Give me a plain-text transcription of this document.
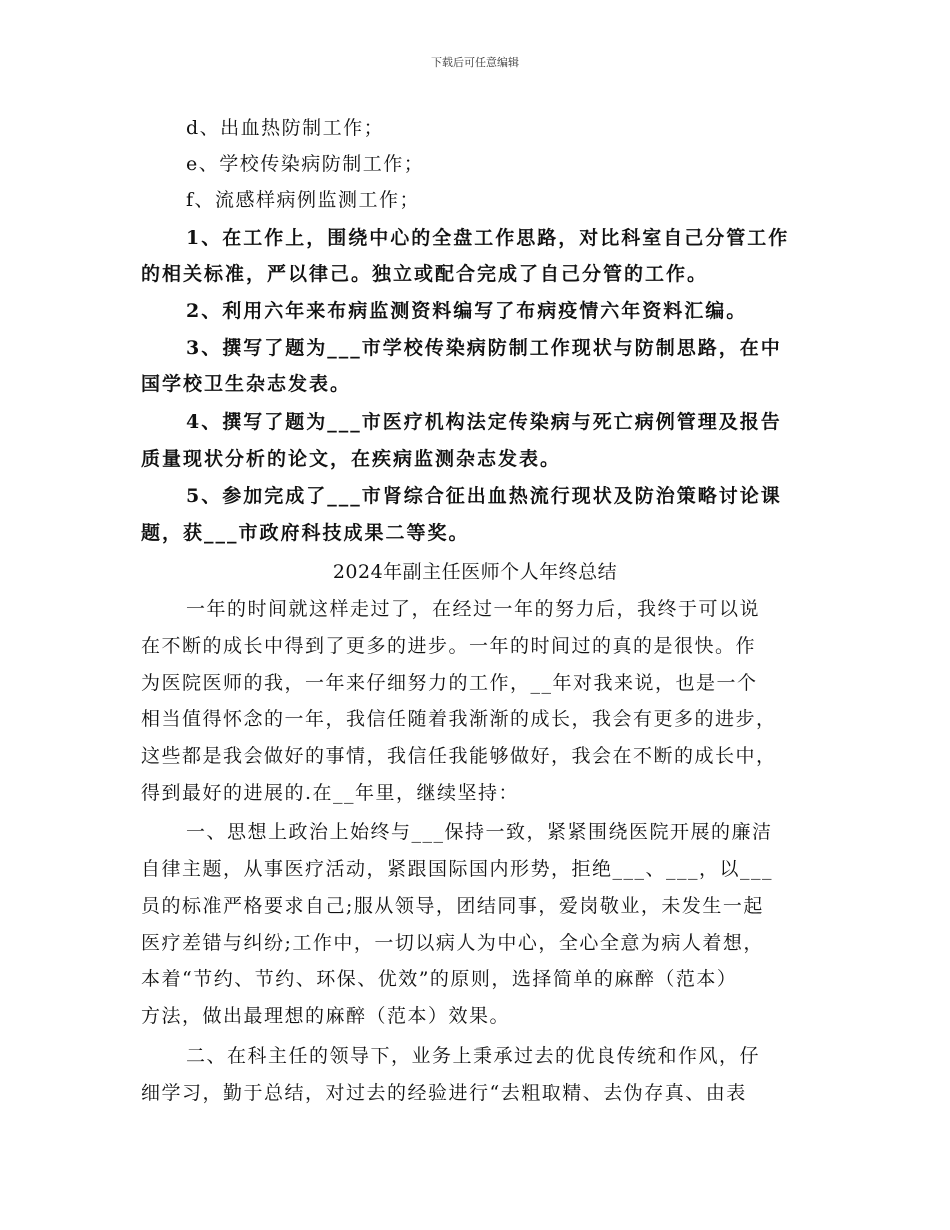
下载后可任意编辑
d、出血热防制工作；
e、学校传染病防制工作；
f、流感样病例监测工作；
1、在工作上，围绕中心的全盘工作思路，对比科室自己分管工作
的相关标准，严以律己。独立或配合完成了自己分管的工作。
2、利用六年来布病监测资料编写了布病疫情六年资料汇编。
3、撰写了题为___市学校传染病防制工作现状与防制思路，在中
国学校卫生杂志发表。
4、撰写了题为___市医疗机构法定传染病与死亡病例管理及报告
质量现状分析的论文，在疾病监测杂志发表。
5、参加完成了___市肾综合征出血热流行现状及防治策略讨论课
题，获___市政府科技成果二等奖。
2024年副主任医师个人年终总结
一年的时间就这样走过了，在经过一年的努力后，我终于可以说
在不断的成长中得到了更多的进步。一年的时间过的真的是很快。作
为医院医师的我，一年来仔细努力的工作，__年对我来说，也是一个
相当值得怀念的一年，我信任随着我渐渐的成长，我会有更多的进步，
这些都是我会做好的事情，我信任我能够做好，我会在不断的成长中，
得到最好的进展的.在__年里，继续坚持：
一、思想上政治上始终与___保持一致，紧紧围绕医院开展的廉洁
自律主题，从事医疗活动，紧跟国际国内形势，拒绝___、___，以___
员的标准严格要求自己;服从领导，团结同事，爱岗敬业，未发生一起
医疗差错与纠纷;工作中，一切以病人为中心，全心全意为病人着想，
本着“节约、节约、环保、优效”的原则，选择简单的麻醉（范本）
方法，做出最理想的麻醉（范本）效果。
二、在科主任的领导下，业务上秉承过去的优良传统和作风，仔
细学习，勤于总结，对过去的经验进行“去粗取精、去伪存真、由表
